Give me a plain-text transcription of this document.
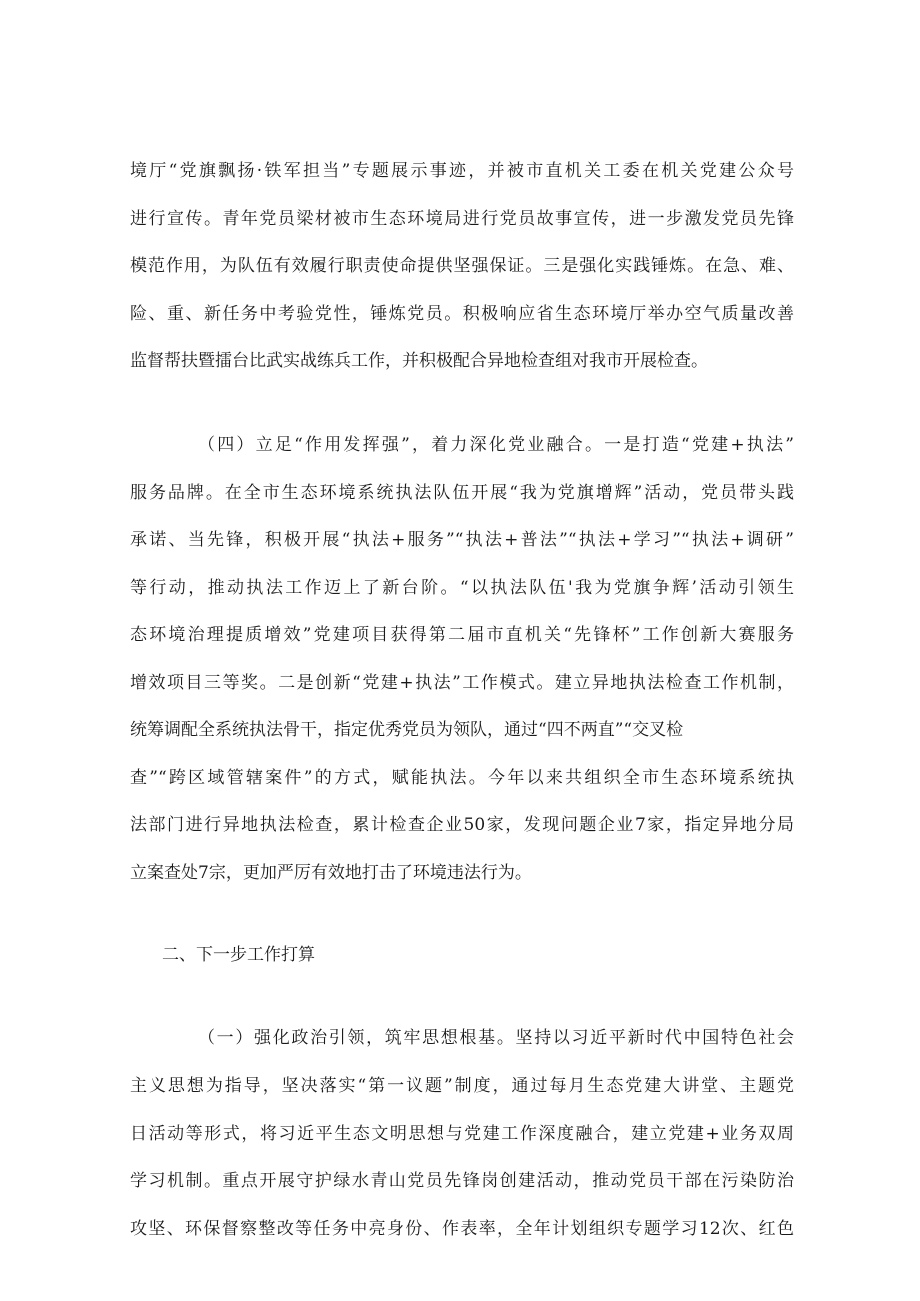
境厅“党旗飘扬·铁军担当”专题展示事迹，并被市直机关工委在机关党建公众号
进行宣传。青年党员梁材被市生态环境局进行党员故事宣传，进一步激发党员先锋
模范作用，为队伍有效履行职责使命提供坚强保证。三是强化实践锤炼。在急、难、
险、重、新任务中考验党性，锤炼党员。积极响应省生态环境厅举办空气质量改善
监督帮扶暨擂台比武实战练兵工作，并积极配合异地检查组对我市开展检查。
（四）立足“作用发挥强”，着力深化党业融合。一是打造“党建+执法”
服务品牌。在全市生态环境系统执法队伍开展“我为党旗增辉”活动，党员带头践
承诺、当先锋，积极开展“执法+服务”“执法+普法”“执法+学习”“执法+调研”
等行动，推动执法工作迈上了新台阶。“以执法队伍'我为党旗争辉’活动引领生
态环境治理提质增效”党建项目获得第二届市直机关“先锋杯”工作创新大赛服务
增效项目三等奖。二是创新“党建+执法”工作模式。建立异地执法检查工作机制，
统筹调配全系统执法骨干，指定优秀党员为领队，通过“四不两直”“交叉检
查”“跨区域管辖案件”的方式，赋能执法。今年以来共组织全市生态环境系统执
法部门进行异地执法检查，累计检查企业50家，发现问题企业7家，指定异地分局
立案查处7宗，更加严厉有效地打击了环境违法行为。
二、下一步工作打算
（一）强化政治引领，筑牢思想根基。坚持以习近平新时代中国特色社会
主义思想为指导，坚决落实“第一议题”制度，通过每月生态党建大讲堂、主题党
日活动等形式，将习近平生态文明思想与党建工作深度融合，建立党建+业务双周
学习机制。重点开展守护绿水青山党员先锋岗创建活动，推动党员干部在污染防治
攻坚、环保督察整改等任务中亮身份、作表率，全年计划组织专题学习12次、红色
